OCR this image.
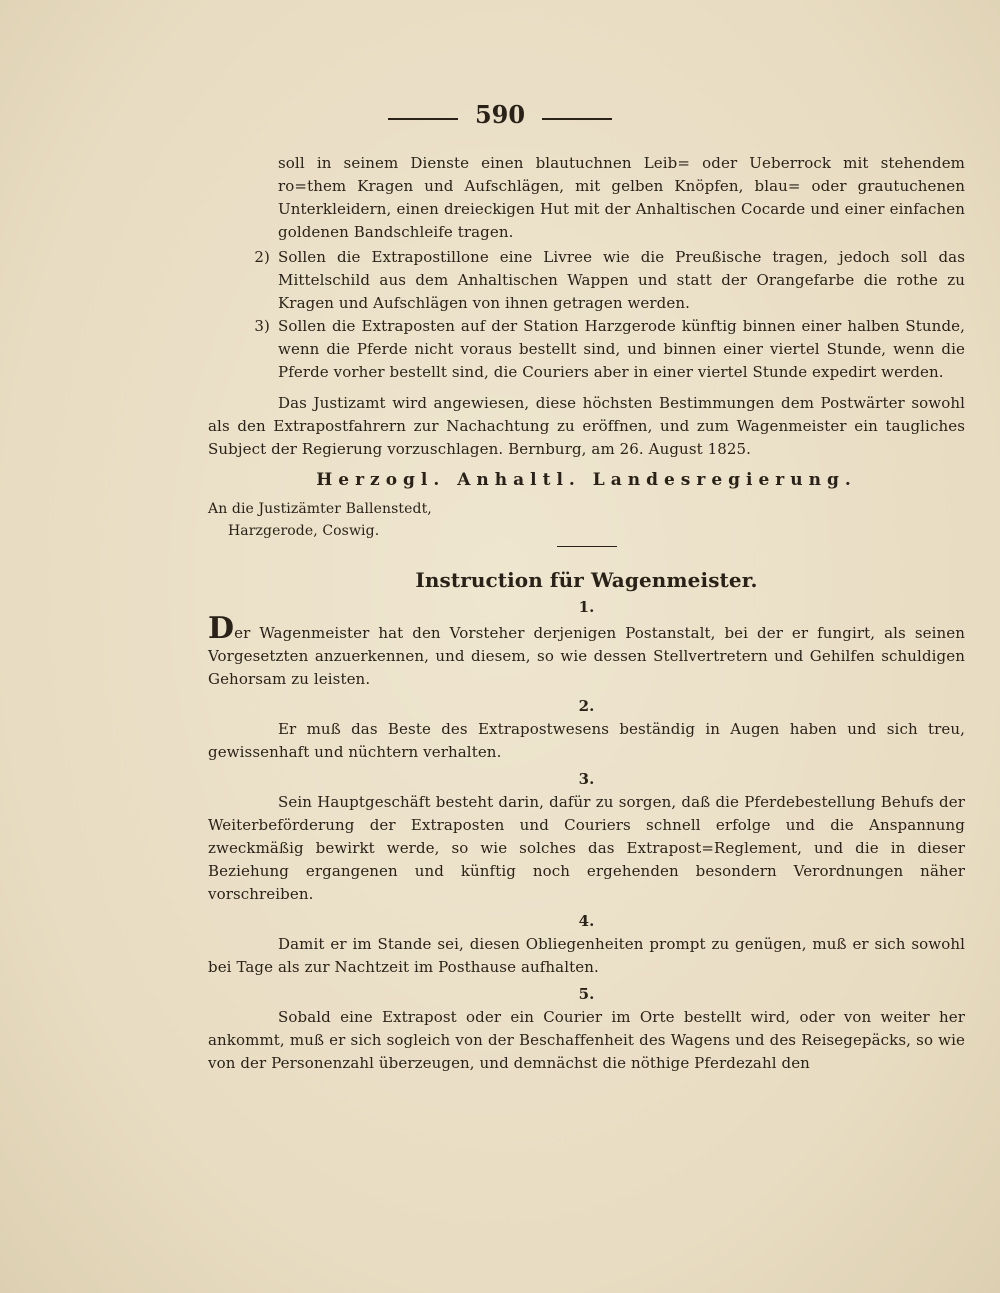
590

soll in seinem Dienste einen blautuchnen Leib= oder Ueberrock mit stehendem ro=them Kragen und Aufschlägen, mit gelben Knöpfen, blau= oder grautuchenen Unterkleidern, einen dreieckigen Hut mit der Anhaltischen Cocarde und einer einfachen goldenen Bandschleife tragen.

2) Sollen die Extrapostillone eine Livree wie die Preußische tragen, jedoch soll das Mittelschild aus dem Anhaltischen Wappen und statt der Orangefarbe die rothe zu Kragen und Aufschlägen von ihnen getragen werden.
3) Sollen die Extraposten auf der Station Harzgerode künftig binnen einer halben Stunde, wenn die Pferde nicht voraus bestellt sind, und binnen einer viertel Stunde, wenn die Pferde vorher bestellt sind, die Couriers aber in einer viertel Stunde expedirt werden.

Das Justizamt wird angewiesen, diese höchsten Bestimmungen dem Postwärter sowohl als den Extrapostfahrern zur Nachachtung zu eröffnen, und zum Wagenmeister ein taugliches Subject der Regierung vorzuschlagen. Bernburg, am 26. August 1825.

Herzogl. Anhaltl. Landesregierung.
An die Justizämter Ballenstedt,
Harzgerode, Coswig.
Instruction für Wagenmeister.
1.

Der Wagenmeister hat den Vorsteher derjenigen Postanstalt, bei der er fungirt, als seinen Vorgesetzten anzuerkennen, und diesem, so wie dessen Stellvertretern und Gehilfen schuldigen Gehorsam zu leisten.

2.

Er muß das Beste des Extrapostwesens beständig in Augen haben und sich treu, gewissenhaft und nüchtern verhalten.

3.

Sein Hauptgeschäft besteht darin, dafür zu sorgen, daß die Pferdebestellung Behufs der Weiterbeförderung der Extraposten und Couriers schnell erfolge und die Anspannung zweckmäßig bewirkt werde, so wie solches das Extrapost=Reglement, und die in dieser Beziehung ergangenen und künftig noch ergehenden besondern Verordnungen näher vorschreiben.

4.

Damit er im Stande sei, diesen Obliegenheiten prompt zu genügen, muß er sich sowohl bei Tage als zur Nachtzeit im Posthause aufhalten.

5.

Sobald eine Extrapost oder ein Courier im Orte bestellt wird, oder von weiter her ankommt, muß er sich sogleich von der Beschaffenheit des Wagens und des Reisegepäcks, so wie von der Personenzahl überzeugen, und demnächst die nöthige Pferdezahl den
